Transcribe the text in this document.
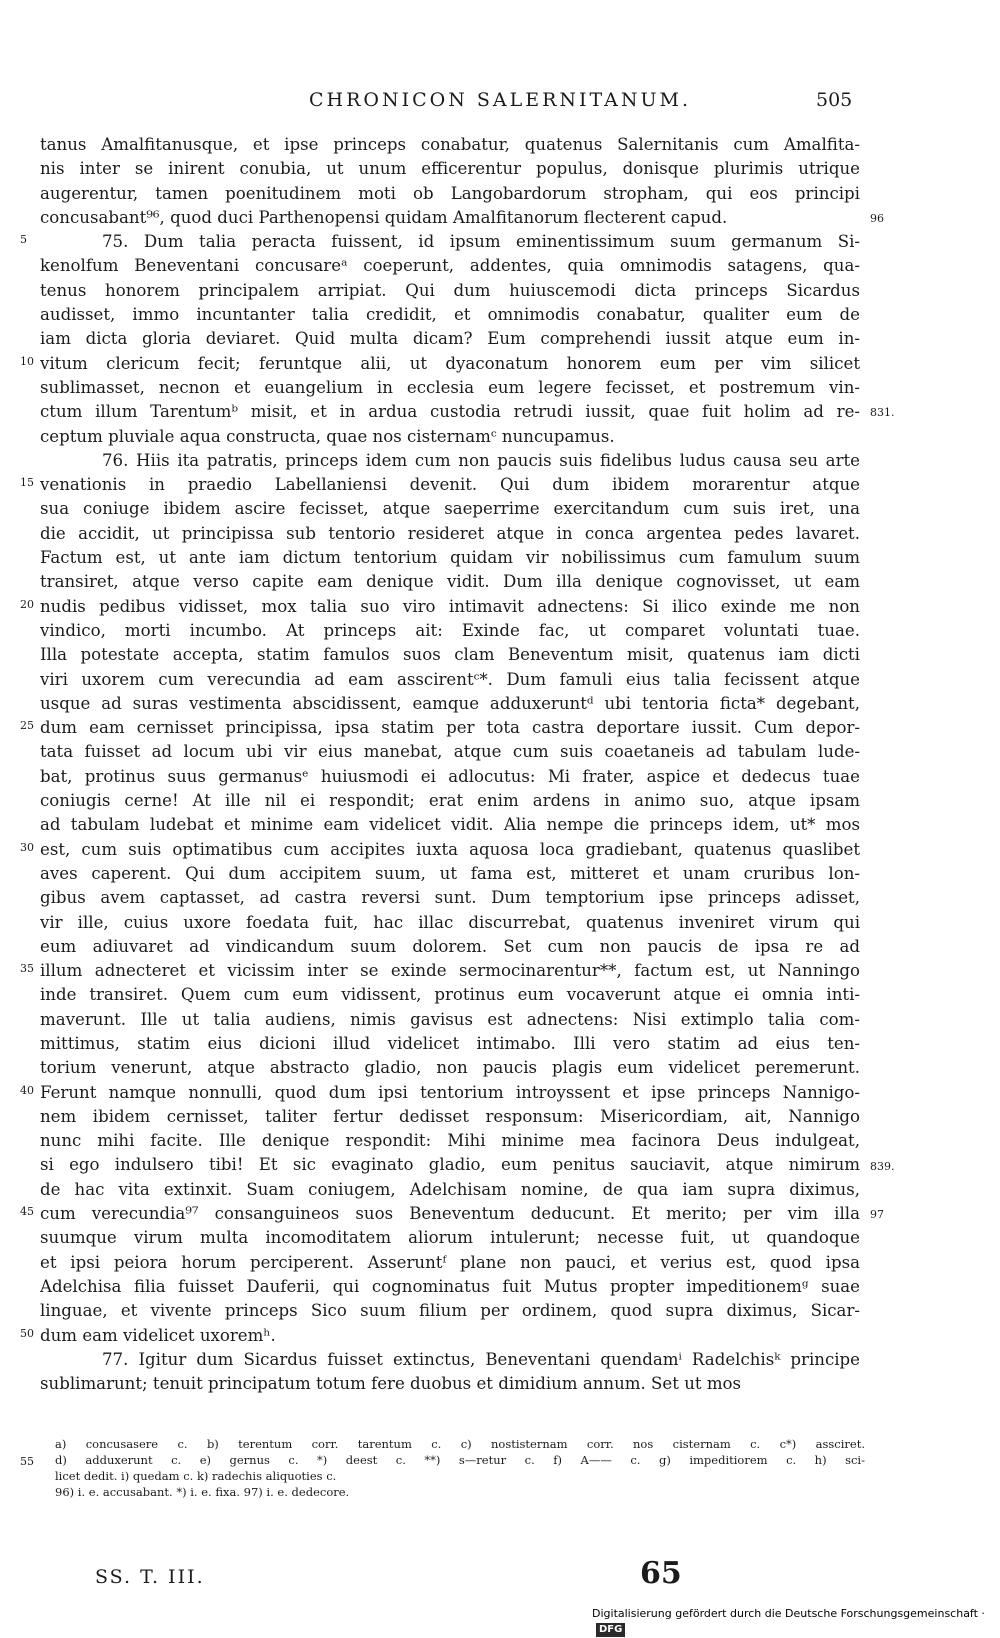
CHRONICON SALERNITANUM.	505
tanus Amalfitanusque, et ipse princeps conabatur, quatenus Salernitanis cum Amalfita-
nis inter se inirent conubia, ut unum efficerentur populus, donisque plurimis utrique
augerentur, tamen poenitudinem moti ob Langobardorum stropham, qui eos principi
concusabant⁹⁶, quod duci Parthenopensi quidam Amalfitanorum flecterent capud.
75. Dum talia peracta fuissent, id ipsum eminentissimum suum germanum Si-
kenolfum Beneventani concusareᵃ coeperunt, addentes, quia omnimodis satagens, qua-
tenus honorem principalem arripiat. Qui dum huiuscemodi dicta princeps Sicardus
audisset, immo incuntanter talia credidit, et omnimodis conabatur, qualiter eum de
iam dicta gloria deviaret. Quid multa dicam? Eum comprehendi iussit atque eum in-
vitum clericum fecit; feruntque alii, ut dyaconatum honorem eum per vim silicet
sublimasset, necnon et euangelium in ecclesia eum legere fecisset, et postremum vin-
ctum illum Tarentumᵇ misit, et in ardua custodia retrudi iussit, quae fuit holim ad re-
ceptum pluviale aqua constructa, quae nos cisternamᶜ nuncupamus.
76. Hiis ita patratis, princeps idem cum non paucis suis fidelibus ludus causa seu arte
venationis in praedio Labellaniensi devenit. Qui dum ibidem morarentur atque
sua coniuge ibidem ascire fecisset, atque saeperrime exercitandum cum suis iret, una
die accidit, ut principissa sub tentorio resideret atque in conca argentea pedes lavaret.
Factum est, ut ante iam dictum tentorium quidam vir nobilissimus cum famulum suum
transiret, atque verso capite eam denique vidit. Dum illa denique cognovisset, ut eam
nudis pedibus vidisset, mox talia suo viro intimavit adnectens: Si ilico exinde me non
vindico, morti incumbo. At princeps ait: Exinde fac, ut comparet voluntati tuae.
Illa potestate accepta, statim famulos suos clam Beneventum misit, quatenus iam dicti
viri uxorem cum verecundia ad eam asscirentᶜ*. Dum famuli eius talia fecissent atque
usque ad suras vestimenta abscidissent, eamque adduxeruntᵈ ubi tentoria ficta* degebant,
dum eam cernisset principissa, ipsa statim per tota castra deportare iussit. Cum depor-
tata fuisset ad locum ubi vir eius manebat, atque cum suis coaetaneis ad tabulam lude-
bat, protinus suus germanusᵉ huiusmodi ei adlocutus: Mi frater, aspice et dedecus tuae
coniugis cerne! At ille nil ei respondit; erat enim ardens in animo suo, atque ipsam
ad tabulam ludebat et minime eam videlicet vidit. Alia nempe die princeps idem, ut* mos
est, cum suis optimatibus cum accipites iuxta aquosa loca gradiebant, quatenus quaslibet
aves caperent. Qui dum accipitem suum, ut fama est, mitteret et unam cruribus lon-
gibus avem captasset, ad castra reversi sunt. Dum temptorium ipse princeps adisset,
vir ille, cuius uxore foedata fuit, hac illac discurrebat, quatenus inveniret virum qui
eum adiuvaret ad vindicandum suum dolorem. Set cum non paucis de ipsa re ad
illum adnecteret et vicissim inter se exinde sermocinarentur**, factum est, ut Nanningo
inde transiret. Quem cum eum vidissent, protinus eum vocaverunt atque ei omnia inti-
maverunt. Ille ut talia audiens, nimis gavisus est adnectens: Nisi extimplo talia com-
mittimus, statim eius dicioni illud videlicet intimabo. Illi vero statim ad eius ten-
torium venerunt, atque abstracto gladio, non paucis plagis eum videlicet peremerunt.
Ferunt namque nonnulli, quod dum ipsi tentorium introyssent et ipse princeps Nannigo-
nem ibidem cernisset, taliter fertur dedisset responsum: Misericordiam, ait, Nannigo
nunc mihi facite. Ille denique respondit: Mihi minime mea facinora Deus indulgeat,
si ego indulsero tibi! Et sic evaginato gladio, eum penitus sauciavit, atque nimirum
de hac vita extinxit. Suam coniugem, Adelchisam nomine, de qua iam supra diximus,
cum verecundia⁹⁷ consanguineos suos Beneventum deducunt. Et merito; per vim illa
suumque virum multa incomoditatem aliorum intulerunt; necesse fuit, ut quandoque
et ipsi peiora horum perciperent. Asseruntᶠ plane non pauci, et verius est, quod ipsa
Adelchisa filia fuisset Dauferii, qui cognominatus fuit Mutus propter impeditionemᵍ suae
linguae, et vivente princeps Sico suum filium per ordinem, quod supra diximus, Sicar-
dum eam videlicet uxoremʰ.
77. Igitur dum Sicardus fuisset extinctus, Beneventani quendamⁱ Radelchisᵏ principe
sublimarunt; tenuit principatum totum fere duobus et dimidium annum. Set ut mos
a) concusasere c. b) terentum corr. tarentum c. c) nostisternam corr. nos cisternam c. c*) assciret.
d) adduxerunt c. e) gernus c. *) deest c. **) s—retur c. f) A—— c. g) impeditiorem c. h) sci-
licet dedit. i) quedam c. k) radechis aliquoties c.
96) i. e. accusabant. *) i. e. fixa. 97) i. e. dedecore.
SS. T. III.	65
Digitalisierung gefördert durch die Deutsche Forschungsgemeinschaft ·DFG
5
10
15
20
25
30
35
40
45
50
96
831.
839.
97
55
